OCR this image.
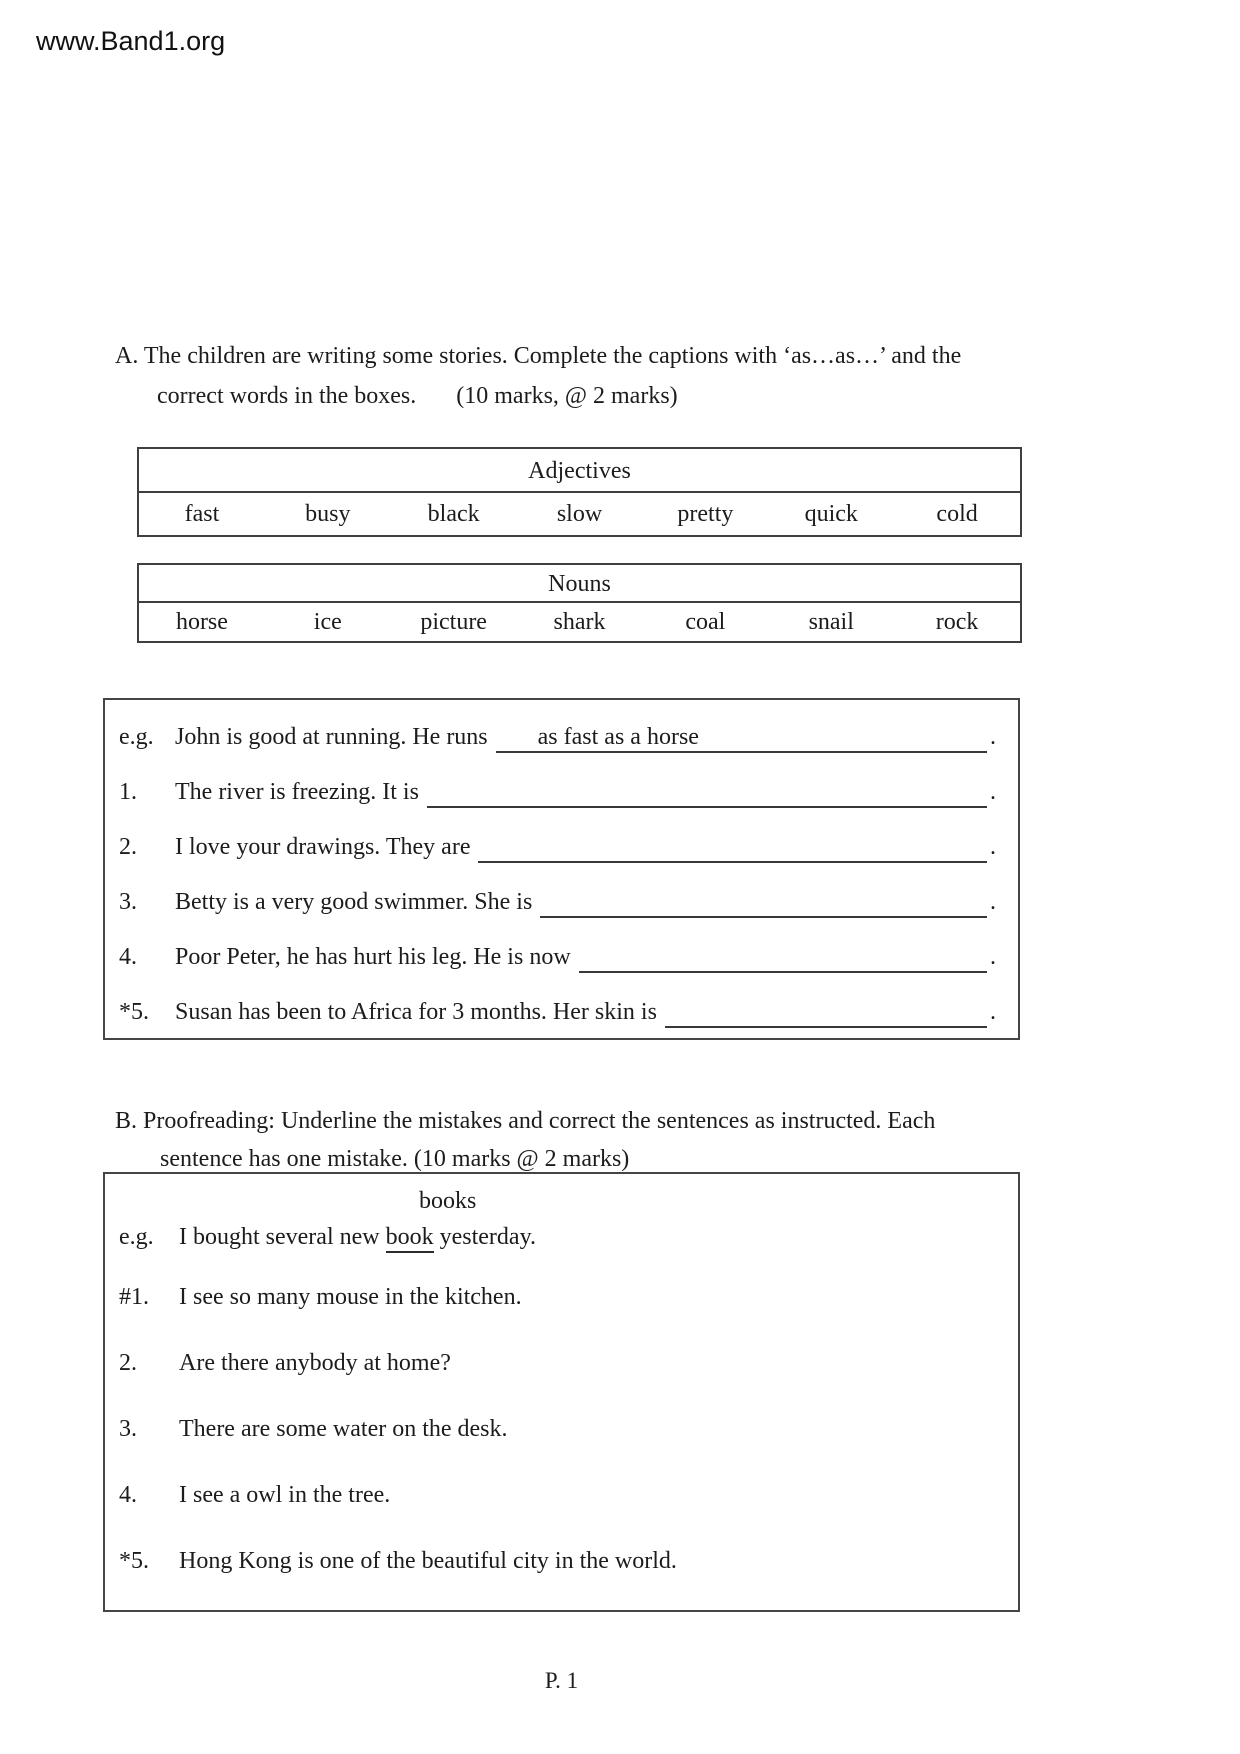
www.Band1.org
A. The children are writing some stories. Complete the captions with ‘as…as…’ and the
correct words in the boxes. (10 marks, @ 2 marks)
Adjectives
fast	busy	black	slow	pretty	quick	cold
Nouns
horse	ice	picture	shark	coal	snail	rock
e.g. John is good at running. He runs	as fast as a horse	.
1.	The river is freezing. It is
	.
2.	I love your drawings. They are
	.
3.	Betty is a very good swimmer. She is
	.
4.	Poor Peter, he has hurt his leg. He is now
	.
*5.	Susan has been to Africa for 3 months. Her skin is
	.
B. Proofreading: Underline the mistakes and correct the sentences as instructed. Each
sentence has one mistake. (10 marks @ 2 marks)
books
e.g.	I bought several new book yesterday.
#1.	I see so many mouse in the kitchen.
2.	Are there anybody at home?
3.	There are some water on the desk.
4.	I see a owl in the tree.
*5.	Hong Kong is one of the beautiful city in the world.
P. 1
